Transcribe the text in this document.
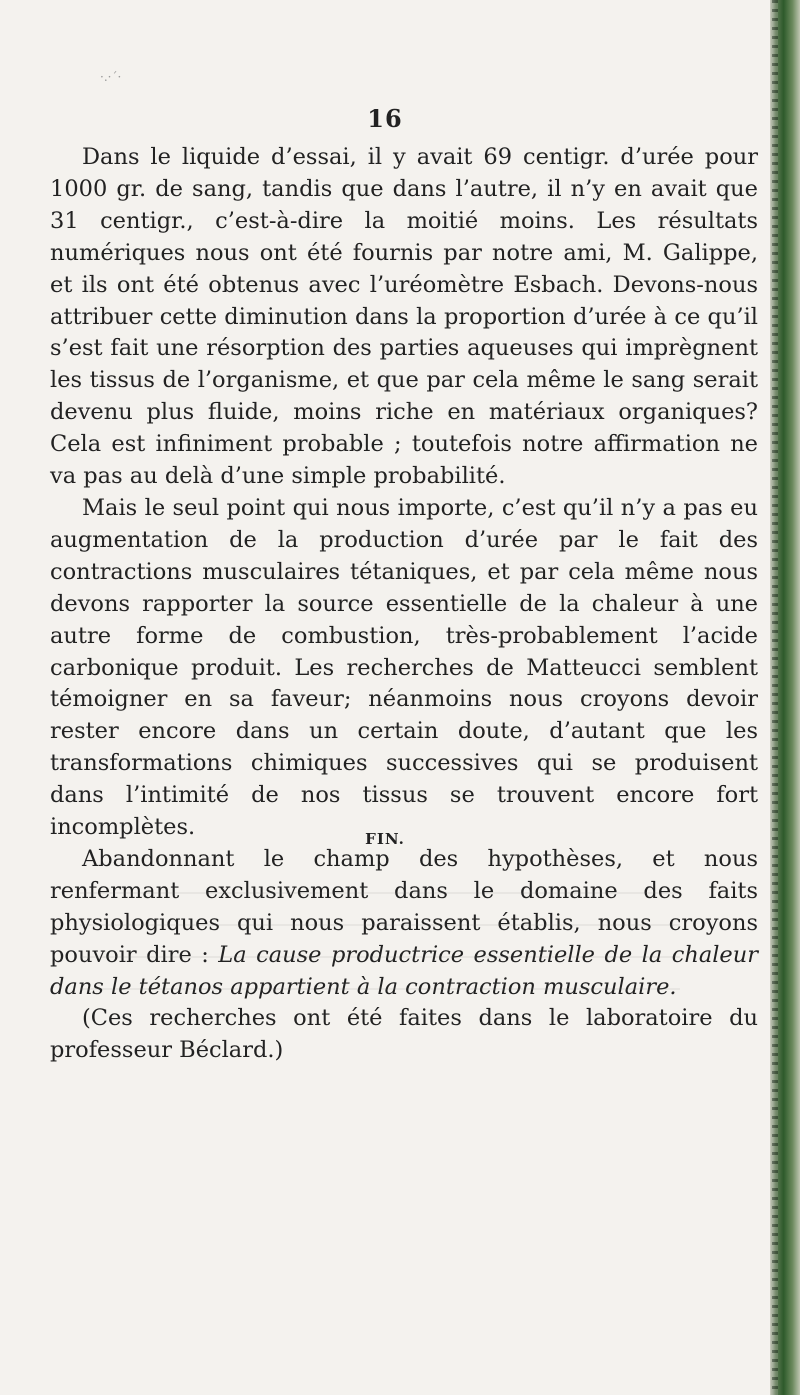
·.·´·
16

Dans le liquide d’essai, il y avait 69 centigr. d’urée pour 1000 gr. de sang, tandis que dans l’autre, il n’y en avait que 31 centigr., c’est-à-dire la moitié moins. Les résultats numériques nous ont été fournis par notre ami, M. Galippe, et ils ont été obtenus avec l’uréomètre Esbach. Devons-nous attribuer cette diminution dans la proportion d’urée à ce qu’il s’est fait une résorption des parties aqueuses qui imprègnent les tissus de l’organisme, et que par cela même le sang serait devenu plus fluide, moins riche en matériaux organiques? Cela est infiniment probable ; toutefois notre affirmation ne va pas au delà d’une simple probabilité.

Mais le seul point qui nous importe, c’est qu’il n’y a pas eu augmentation de la production d’urée par le fait des contractions musculaires tétaniques, et par cela même nous devons rapporter la source essentielle de la chaleur à une autre forme de combustion, très-probablement l’acide carbonique produit. Les recherches de Matteucci semblent témoigner en sa faveur; néanmoins nous croyons devoir rester encore dans un certain doute, d’autant que les transformations chimiques successives qui se produisent dans l’intimité de nos tissus se trouvent encore fort incomplètes.

Abandonnant le champ des hypothèses, et nous renfermant exclusivement dans le domaine des faits physiologiques qui nous paraissent établis, nous croyons pouvoir dire : La cause productrice essentielle de la chaleur dans le tétanos appartient à la contraction musculaire.

(Ces recherches ont été faites dans le laboratoire du professeur Béclard.)

FIN.
